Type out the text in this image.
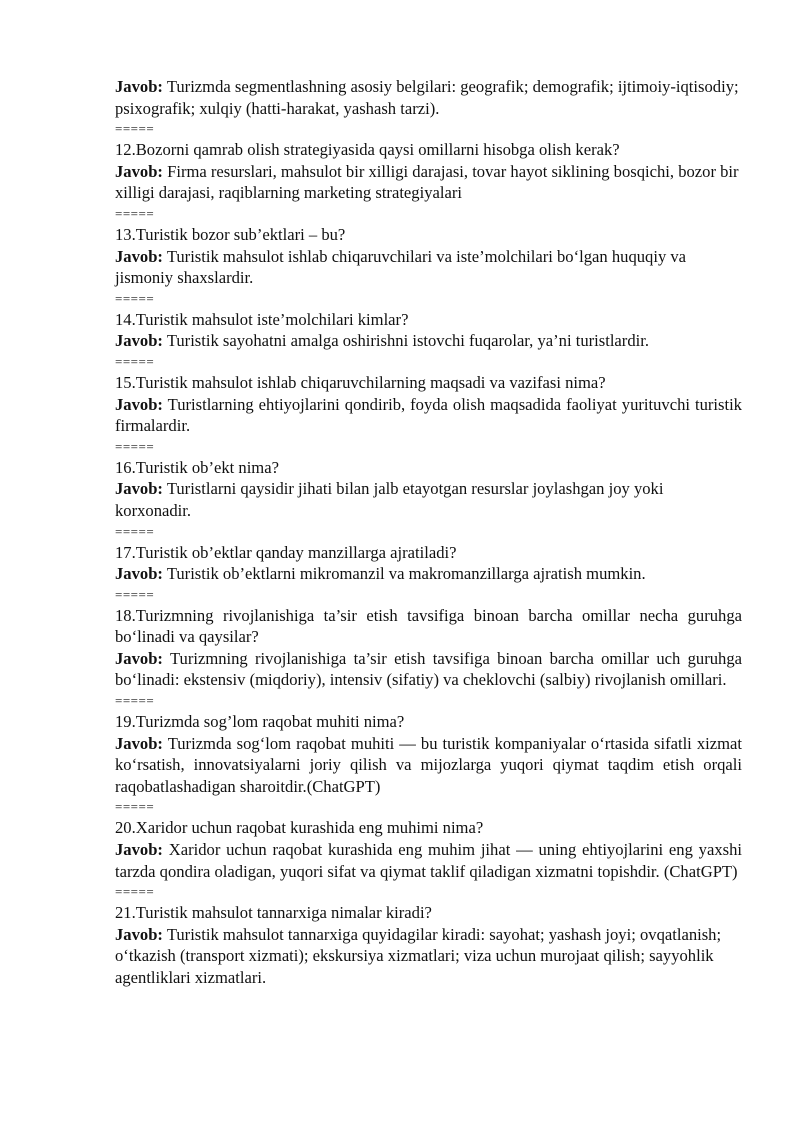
Javob: Turizmda segmentlashning asosiy belgilari: geografik; demografik; ijtimoiy-iqtisodiy; psixografik; xulqiy (hatti-harakat, yashash tarzi).

=====

12.Bozorni qamrab olish strategiyasida qaysi omillarni hisobga olish kerak?

Javob: Firma resurslari, mahsulot bir xilligi darajasi, tovar hayot siklining bosqichi, bozor bir xilligi darajasi, raqiblarning marketing strategiyalari

=====

13.Turistik bozor sub’ektlari – bu?

Javob: Turistik mahsulot ishlab chiqaruvchilari va iste’molchilari bo‘lgan huquqiy va jismoniy shaxslardir.

=====

14.Turistik mahsulot iste’molchilari kimlar?

Javob: Turistik sayohatni amalga oshirishni istovchi fuqarolar, ya’ni turistlardir.

=====

15.Turistik mahsulot ishlab chiqaruvchilarning maqsadi va vazifasi nima?

Javob: Turistlarning ehtiyojlarini qondirib, foyda olish maqsadida faoliyat yurituvchi turistik firmalardir.

=====

16.Turistik ob’ekt nima?

Javob: Turistlarni qaysidir jihati bilan jalb etayotgan resurslar joylashgan joy yoki korxonadir.

=====

17.Turistik ob’ektlar qanday manzillarga ajratiladi?

Javob: Turistik ob’ektlarni mikromanzil va makromanzillarga ajratish mumkin.

=====

18.Turizmning rivojlanishiga ta’sir etish tavsifiga binoan barcha omillar necha guruhga bo‘linadi va qaysilar?

Javob: Turizmning rivojlanishiga ta’sir etish tavsifiga binoan barcha omillar uch guruhga bo‘linadi: ekstensiv (miqdoriy), intensiv (sifatiy) va cheklovchi (salbiy) rivojlanish omillari.

=====

19.Turizmda sog’lom raqobat muhiti nima?

Javob: Turizmda sog‘lom raqobat muhiti — bu turistik kompaniyalar o‘rtasida sifatli xizmat ko‘rsatish, innovatsiyalarni joriy qilish va mijozlarga yuqori qiymat taqdim etish orqali raqobatlashadigan sharoitdir.(ChatGPT)

=====

20.Xaridor uchun raqobat kurashida eng muhimi nima?

Javob: Xaridor uchun raqobat kurashida eng muhim jihat — uning ehtiyojlarini eng yaxshi tarzda qondira oladigan, yuqori sifat va qiymat taklif qiladigan xizmatni topishdir. (ChatGPT)

=====

21.Turistik mahsulot tannarxiga nimalar kiradi?

Javob: Turistik mahsulot tannarxiga quyidagilar kiradi: sayohat; yashash joyi; ovqatlanish; o‘tkazish (transport xizmati); ekskursiya xizmatlari; viza uchun murojaat qilish; sayyohlik agentliklari xizmatlari.
